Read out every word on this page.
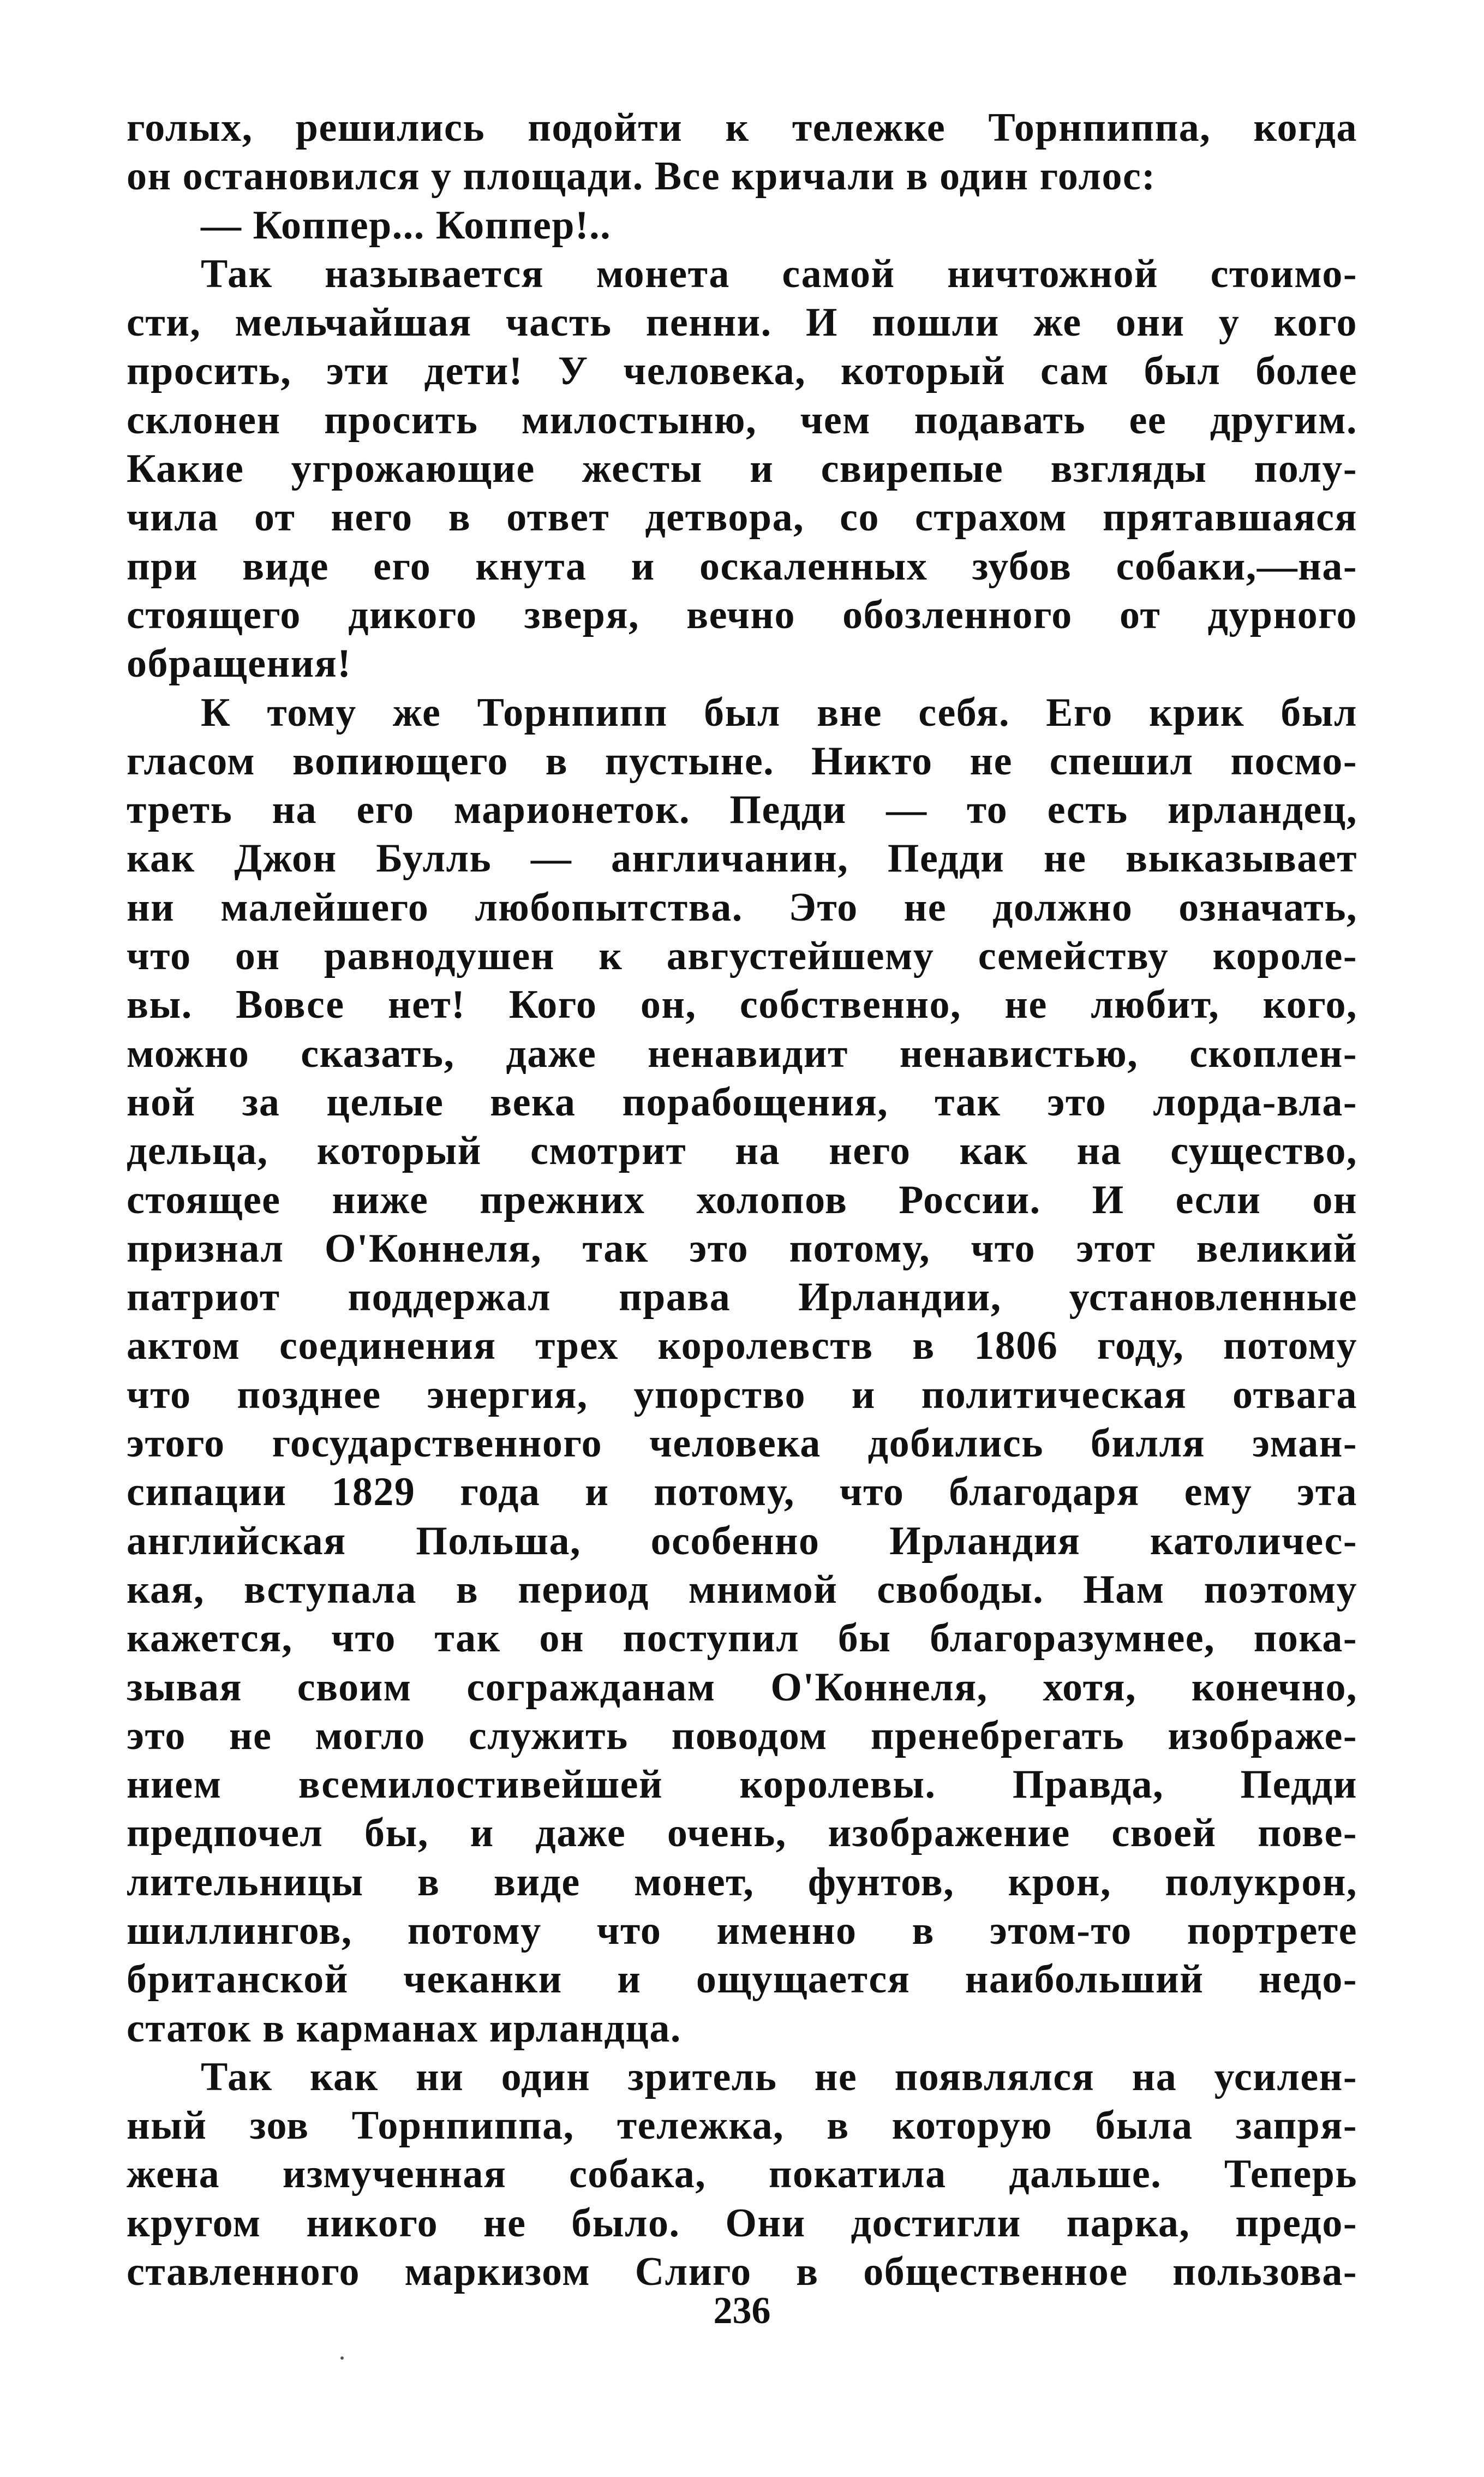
голых, решились подойти к тележке Торнпиппа, когда
он остановился у площади. Все кричали в один голос:
— Коппер... Коппер!..
Так называется монета самой ничтожной стоимо-
сти, мельчайшая часть пенни. И пошли же они у кого
просить, эти дети! У человека, который сам был более
склонен просить милостыню, чем подавать ее другим.
Какие угрожающие жесты и свирепые взгляды полу-
чила от него в ответ детвора, со страхом прятавшаяся
при виде его кнута и оскаленных зубов собаки,—на-
стоящего дикого зверя, вечно обозленного от дурного
обращения!
К тому же Торнпипп был вне себя. Его крик был
гласом вопиющего в пустыне. Никто не спешил посмо-
треть на его марионеток. Педди — то есть ирландец,
как Джон Булль — англичанин, Педди не выказывает
ни малейшего любопытства. Это не должно означать,
что он равнодушен к августейшему семейству короле-
вы. Вовсе нет! Кого он, собственно, не любит, кого,
можно сказать, даже ненавидит ненавистью, скоплен-
ной за целые века порабощения, так это лорда-вла-
дельца, который смотрит на него как на существо,
стоящее ниже прежних холопов России. И если он
признал О'Коннеля, так это потому, что этот великий
патриот поддержал права Ирландии, установленные
актом соединения трех королевств в 1806 году, потому
что позднее энергия, упорство и политическая отвага
этого государственного человека добились билля эман-
сипации 1829 года и потому, что благодаря ему эта
английская Польша, особенно Ирландия католичес-
кая, вступала в период мнимой свободы. Нам поэтому
кажется, что так он поступил бы благоразумнее, пока-
зывая своим согражданам О'Коннеля, хотя, конечно,
это не могло служить поводом пренебрегать изображе-
нием всемилостивейшей королевы. Правда, Педди
предпочел бы, и даже очень, изображение своей пове-
лительницы в виде монет, фунтов, крон, полукрон,
шиллингов, потому что именно в этом-то портрете
британской чеканки и ощущается наибольший недо-
статок в карманах ирландца.
Так как ни один зритель не появлялся на усилен-
ный зов Торнпиппа, тележка, в которую была запря-
жена измученная собака, покатила дальше. Теперь
кругом никого не было. Они достигли парка, предо-
ставленного маркизом Слиго в общественное пользова-
236
